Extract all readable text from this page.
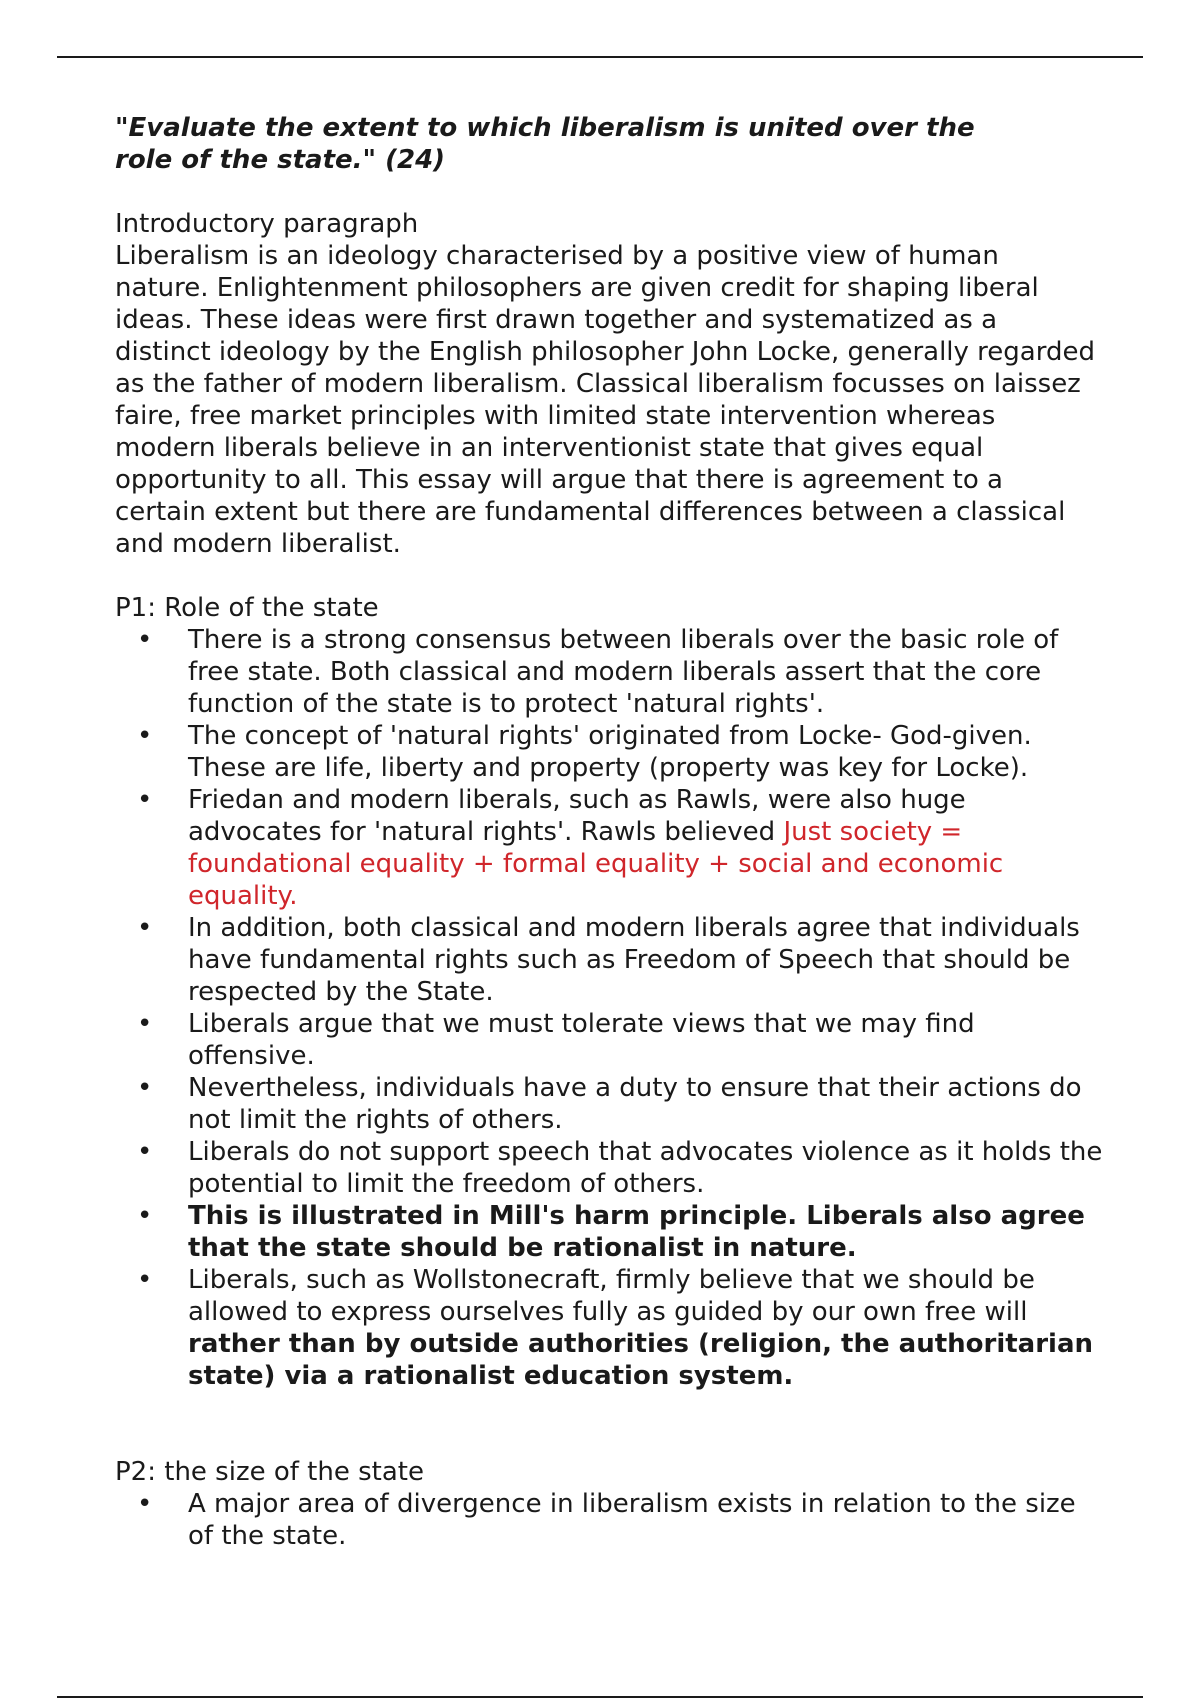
"Evaluate the extent to which liberalism is united over the role of the state." (24)

Introductory paragraph

Liberalism is an ideology characterised by a positive view of human nature. Enlightenment philosophers are given credit for shaping liberal ideas. These ideas were first drawn together and systematized as a distinct ideology by the English philosopher John Locke, generally regarded as the father of modern liberalism. Classical liberalism focusses on laissez faire, free market principles with limited state intervention whereas modern liberals believe in an interventionist state that gives equal opportunity to all. This essay will argue that there is agreement to a certain extent but there are fundamental differences between a classical and modern liberalist.

P1: Role of the state

• There is a strong consensus between liberals over the basic role of free state. Both classical and modern liberals assert that the core function of the state is to protect 'natural rights'.
• The concept of 'natural rights' originated from Locke- God-given. These are life, liberty and property (property was key for Locke).
• Friedan and modern liberals, such as Rawls, were also huge advocates for 'natural rights'. Rawls believed Just society = foundational equality + formal equality + social and economic equality.
• In addition, both classical and modern liberals agree that individuals have fundamental rights such as Freedom of Speech that should be respected by the State.
• Liberals argue that we must tolerate views that we may find offensive.
• Nevertheless, individuals have a duty to ensure that their actions do not limit the rights of others.
• Liberals do not support speech that advocates violence as it holds the potential to limit the freedom of others.
• This is illustrated in Mill's harm principle. Liberals also agree that the state should be rationalist in nature.
• Liberals, such as Wollstonecraft, firmly believe that we should be allowed to express ourselves fully as guided by our own free will rather than by outside authorities (religion, the authoritarian state) via a rationalist education system.

P2: the size of the state

• A major area of divergence in liberalism exists in relation to the size of the state.
